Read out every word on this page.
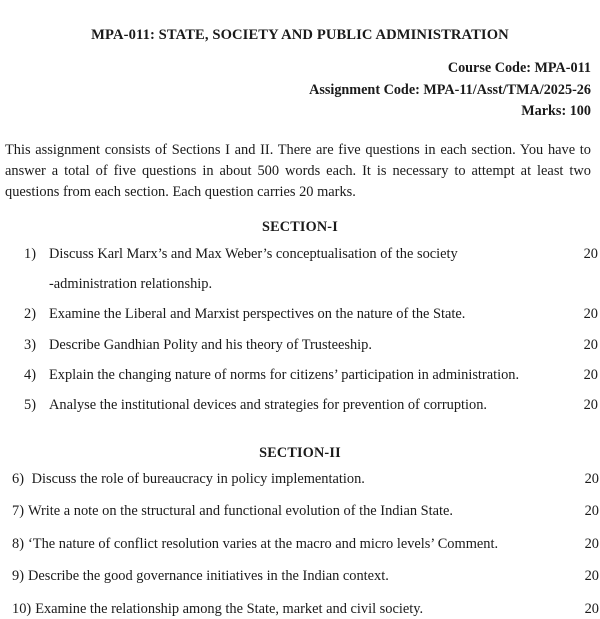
MPA-011: STATE, SOCIETY AND PUBLIC ADMINISTRATION
Course Code: MPA-011
Assignment Code: MPA-11/Asst/TMA/2025-26
Marks: 100

This assignment consists of Sections I and II. There are five questions in each section. You have to answer a total of five questions in about 500 words each. It is necessary to attempt at least two questions from each section. Each question carries 20 marks.

SECTION-I
1) Discuss Karl Marx’s and Max Weber’s conceptualisation of the society
-administration relationship.
20
2) Examine the Liberal and Marxist perspectives on the nature of the State.	20
3) Describe Gandhian Polity and his theory of Trusteeship.	20
4) Explain the changing nature of norms for citizens’ participation in administration.	20
5) Analyse the institutional devices and strategies for prevention of corruption.	20
SECTION-II
6) Discuss the role of bureaucracy in policy implementation.	20
7) Write a note on the structural and functional evolution of the Indian State.	20
8) ‘The nature of conflict resolution varies at the macro and micro levels’ Comment.	20
9) Describe the good governance initiatives in the Indian context.	20
10) Examine the relationship among the State, market and civil society.	20
